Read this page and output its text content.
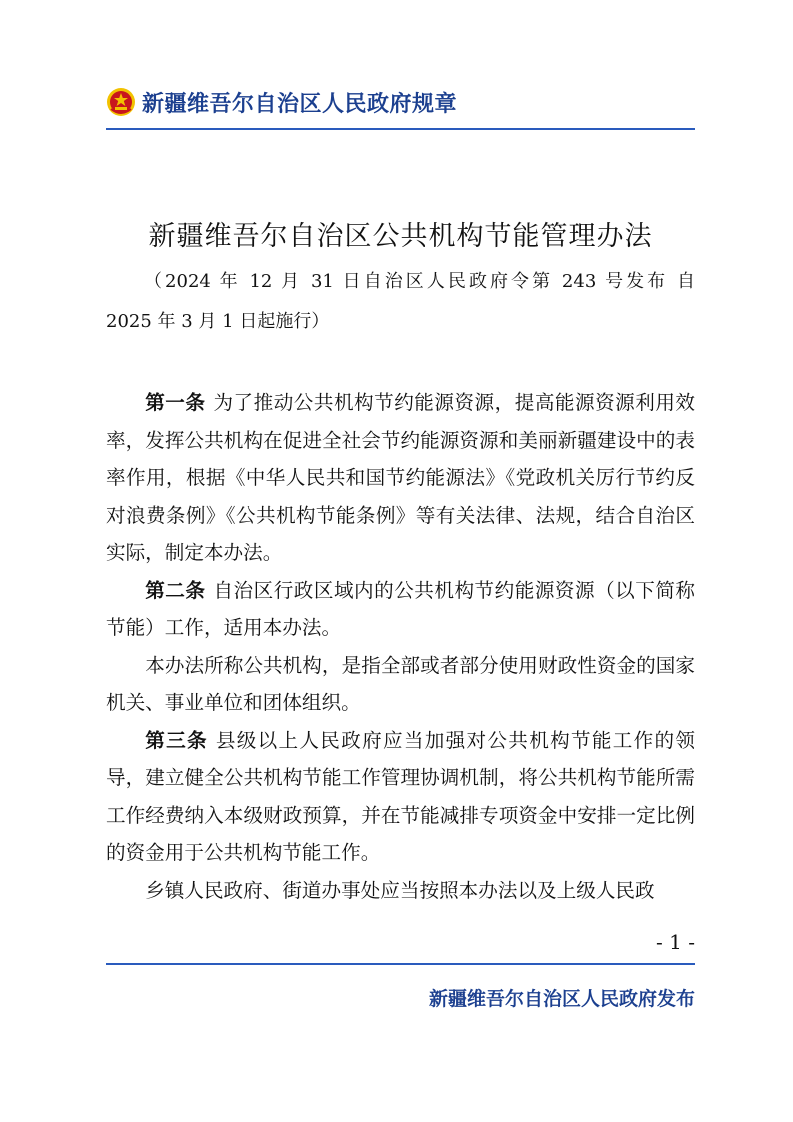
新疆维吾尔自治区人民政府规章
新疆维吾尔自治区公共机构节能管理办法
（2024 年 12 月 31 日自治区人民政府令第 243 号发布 自
2025 年 3 月 1 日起施行）

第一条 为了推动公共机构节约能源资源，提高能源资源利用效率，发挥公共机构在促进全社会节约能源资源和美丽新疆建设中的表率作用，根据《中华人民共和国节约能源法》《党政机关厉行节约反对浪费条例》《公共机构节能条例》等有关法律、法规，结合自治区实际，制定本办法。

第二条 自治区行政区域内的公共机构节约能源资源（以下简称节能）工作，适用本办法。

本办法所称公共机构，是指全部或者部分使用财政性资金的国家机关、事业单位和团体组织。

第三条 县级以上人民政府应当加强对公共机构节能工作的领导，建立健全公共机构节能工作管理协调机制，将公共机构节能所需工作经费纳入本级财政预算，并在节能减排专项资金中安排一定比例的资金用于公共机构节能工作。

乡镇人民政府、街道办事处应当按照本办法以及上级人民政

- 1 -
新疆维吾尔自治区人民政府发布
